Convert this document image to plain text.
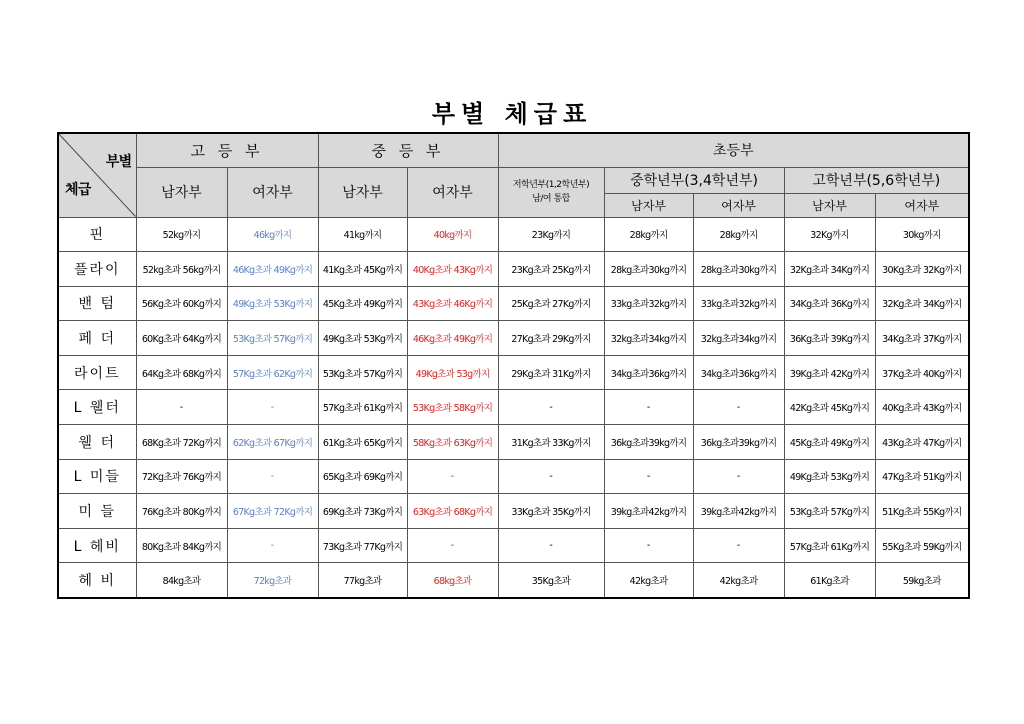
부별 체급표
부별
체급	고 등 부		중 등 부		초등부				
	남자부	여자부	남자부	여자부	저학년부(1,2학년부)
남/여 통합	중학년부(3,4학년부)		고학년부(5,6학년부)	
						남자부	여자부	남자부	여자부
핀	52kg까지	46kg까지	41kg까지	40kg까지	23Kg까지	28kg까지	28kg까지	32Kg까지	30kg까지
플라이	52kg초과 56kg까지	46Kg초과 49Kg까지	41Kg초과 45Kg까지	40Kg초과 43Kg까지	23Kg초과 25Kg까지	28kg초과30kg까지	28kg초과30kg까지	32Kg초과 34Kg까지	30Kg초과 32Kg까지
밴 텀	56Kg초과 60Kg까지	49Kg초과 53Kg까지	45Kg초과 49Kg까지	43Kg초과 46Kg까지	25Kg초과 27Kg까지	33kg초과32kg까지	33kg초과32kg까지	34Kg초과 36Kg까지	32Kg초과 34Kg까지
페 더	60Kg초과 64Kg까지	53Kg초과 57Kg까지	49Kg초과 53Kg까지	46Kg초과 49Kg까지	27Kg초과 29Kg까지	32kg초과34kg까지	32kg초과34kg까지	36Kg초과 39Kg까지	34Kg초과 37Kg까지
라이트	64Kg초과 68Kg까지	57Kg초과 62Kg까지	53Kg초과 57Kg까지	49Kg초과 53g까지	29Kg초과 31Kg까지	34kg초과36kg까지	34kg초과36kg까지	39Kg초과 42Kg까지	37Kg초과 40Kg까지
L 웰터	-	-	57Kg초과 61Kg까지	53Kg초과 58Kg까지	-	-	-	42Kg초과 45Kg까지	40Kg초과 43Kg까지
웰 터	68Kg초과 72Kg까지	62Kg초과 67Kg까지	61Kg초과 65Kg까지	58Kg초과 63Kg까지	31Kg초과 33Kg까지	36kg초과39kg까지	36kg초과39kg까지	45Kg초과 49Kg까지	43Kg초과 47Kg까지
L 미들	72Kg초과 76Kg까지	-	65Kg초과 69Kg까지	-	-	-	-	49Kg초과 53Kg까지	47Kg초과 51Kg까지
미 들	76Kg초과 80Kg까지	67Kg초과 72Kg까지	69Kg초과 73Kg까지	63Kg초과 68Kg까지	33Kg초과 35Kg까지	39kg초과42kg까지	39kg초과42kg까지	53Kg초과 57Kg까지	51Kg초과 55Kg까지
L 헤비	80Kg초과 84Kg까지	-	73Kg초과 77Kg까지	-	-	-	-	57Kg초과 61Kg까지	55Kg초과 59Kg까지
헤 비	84kg초과	72kg초과	77kg초과	68kg초과	35Kg초과	42kg초과	42kg초과	61Kg초과	59kg초과
